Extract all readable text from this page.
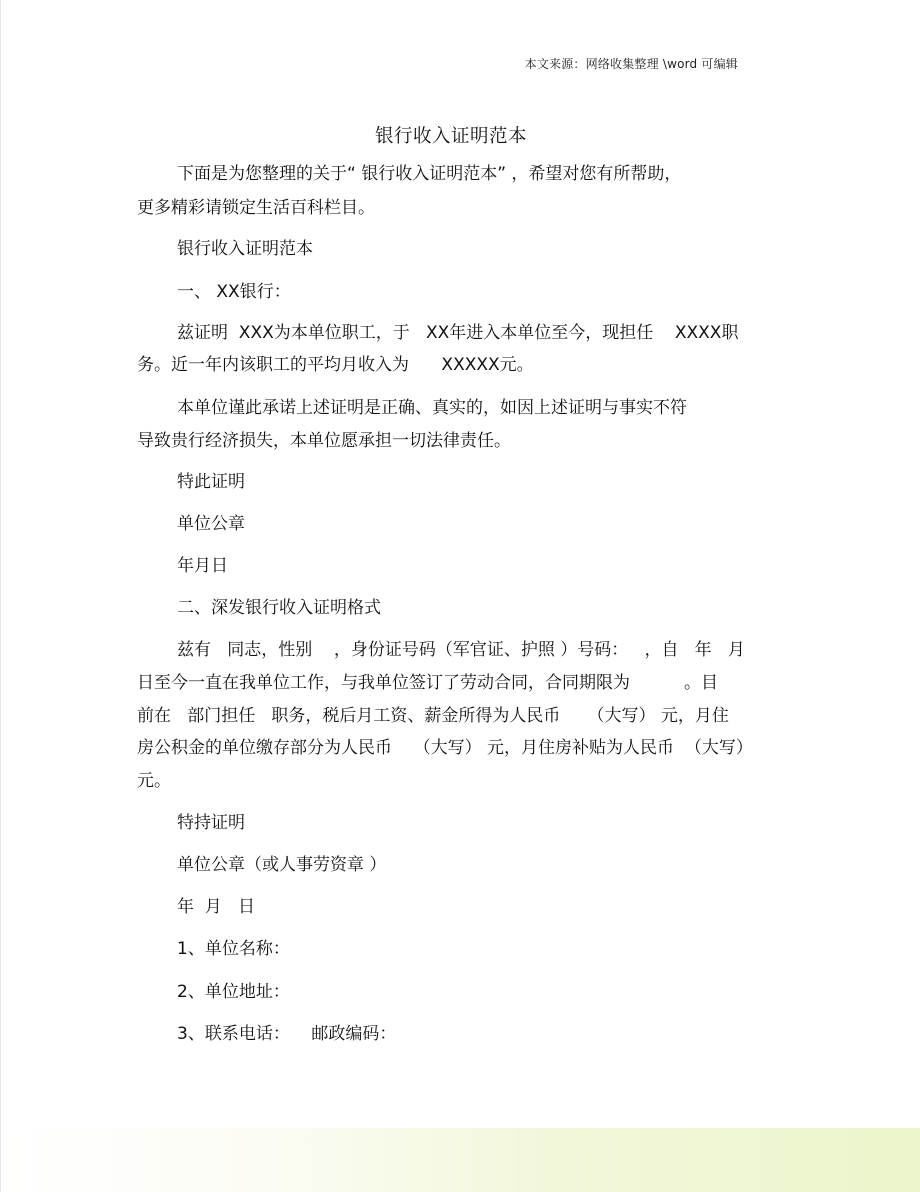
本文来源：网络收集整理 \word 可编辑
银行收入证明范本
下面是为您整理的关于“ 银行收入证明范本” ，希望对您有所帮助，
更多精彩请锁定生活百科栏目。
银行收入证明范本
一、 XX银行：
兹证明  XXX为本单位职工，于   XX年进入本单位至今，现担任    XXXX职
务。近一年内该职工的平均月收入为      XXXXX元。
本单位谨此承诺上述证明是正确、真实的，如因上述证明与事实不符
导致贵行经济损失，本单位愿承担一切法律责任。
特此证明
单位公章
年月日
二、深发银行收入证明格式
兹有   同志，性别    ，身份证号码（军官证、护照 ）号码：   ，自   年   月
日至今一直在我单位工作，与我单位签订了劳动合同，合同期限为          。目
前在   部门担任   职务，税后月工资、薪金所得为人民币     （大写） 元，月住
房公积金的单位缴存部分为人民币    （大写） 元，月住房补贴为人民币  （大写）
元。
特持证明
单位公章（或人事劳资章 ）
年  月   日
1、单位名称：
2、单位地址：
3、联系电话：    邮政编码：
